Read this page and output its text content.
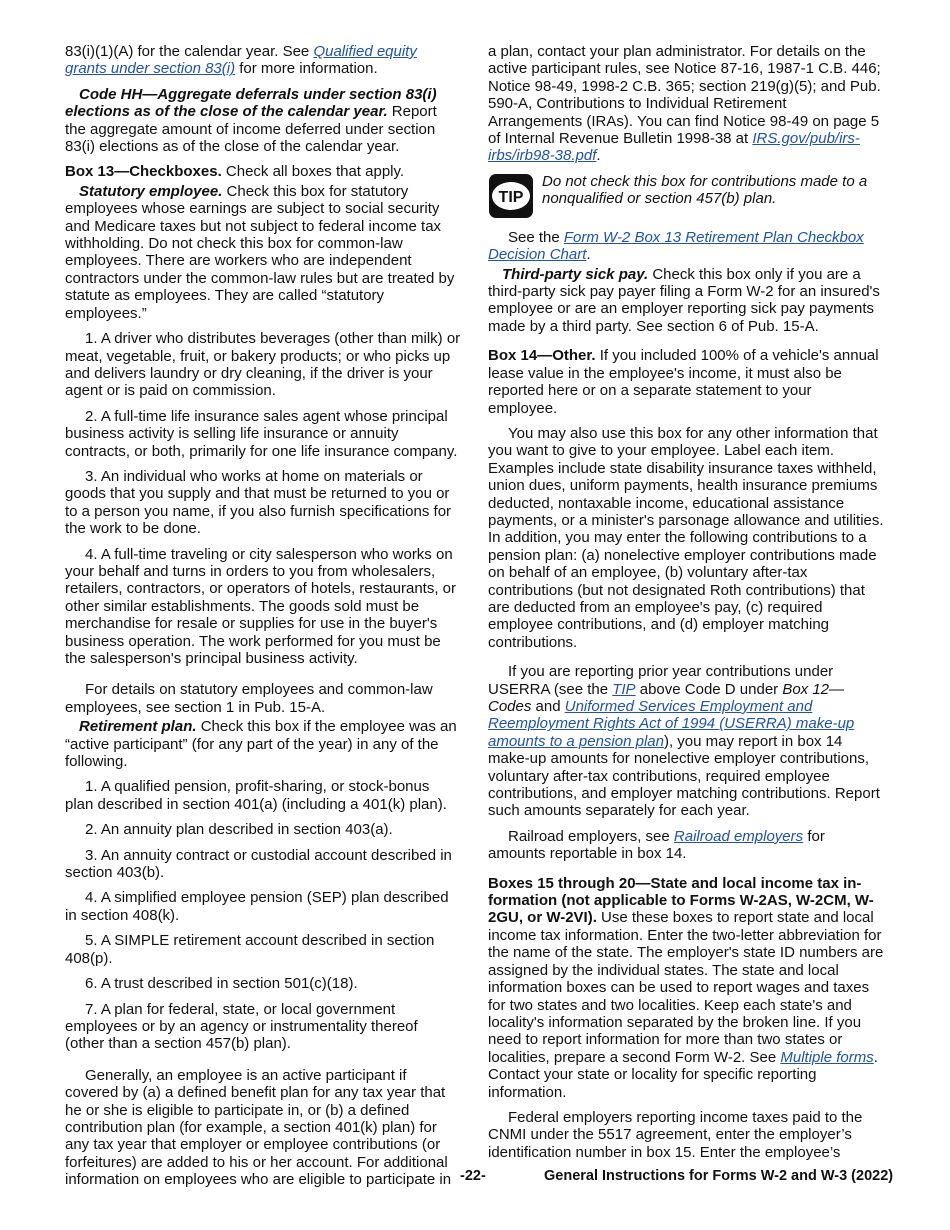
83(i)(1)(A) for the calendar year. See Qualified equity grants under section 83(i) for more information.

Code HH—Aggregate deferrals under section 83(i) elections as of the close of the calendar year. Report the aggregate amount of income deferred under section 83(i) elections as of the close of the calendar year.

Box 13—Checkboxes. Check all boxes that apply.

Statutory employee. Check this box for statutory employees whose earnings are subject to social security and Medicare taxes but not subject to federal income tax withholding. Do not check this box for common-law employees. There are workers who are independent contractors under the common-law rules but are treated by statute as employees. They are called “statutory employees.”

1. A driver who distributes beverages (other than milk) or meat, vegetable, fruit, or bakery products; or who picks up and delivers laundry or dry cleaning, if the driver is your agent or is paid on commission.

2. A full-time life insurance sales agent whose principal business activity is selling life insurance or annuity contracts, or both, primarily for one life insurance company.

3. An individual who works at home on materials or goods that you supply and that must be returned to you or to a person you name, if you also furnish specifications for the work to be done.

4. A full-time traveling or city salesperson who works on your behalf and turns in orders to you from wholesalers, retailers, contractors, or operators of hotels, restaurants, or other similar establishments. The goods sold must be merchandise for resale or supplies for use in the buyer's business operation. The work performed for you must be the salesperson's principal business activity.

For details on statutory employees and common-law employees, see section 1 in Pub. 15-A.

Retirement plan. Check this box if the employee was an “active participant” (for any part of the year) in any of the following.

1. A qualified pension, profit-sharing, or stock-bonus plan described in section 401(a) (including a 401(k) plan).

2. An annuity plan described in section 403(a).

3. An annuity contract or custodial account described in section 403(b).

4. A simplified employee pension (SEP) plan described in section 408(k).

5. A SIMPLE retirement account described in section 408(p).

6. A trust described in section 501(c)(18).

7. A plan for federal, state, or local government employees or by an agency or instrumentality thereof (other than a section 457(b) plan).

Generally, an employee is an active participant if covered by (a) a defined benefit plan for any tax year that he or she is eligible to participate in, or (b) a defined contribution plan (for example, a section 401(k) plan) for any tax year that employer or employee contributions (or forfeitures) are added to his or her account. For additional information on employees who are eligible to participate in

a plan, contact your plan administrator. For details on the active participant rules, see Notice 87-16, 1987-1 C.B. 446; Notice 98-49, 1998-2 C.B. 365; section 219(g)(5); and Pub. 590-A, Contributions to Individual Retirement Arrangements (IRAs). You can find Notice 98-49 on page 5 of Internal Revenue Bulletin 1998-38 at IRS.gov/pub/irs-irbs/irb98-38.pdf.

TIP
Do not check this box for contributions made to a nonqualified or section 457(b) plan.

See the Form W-2 Box 13 Retirement Plan Checkbox Decision Chart.

Third-party sick pay. Check this box only if you are a third-party sick pay payer filing a Form W-2 for an insured's employee or are an employer reporting sick pay payments made by a third party. See section 6 of Pub. 15-A.

Box 14—Other. If you included 100% of a vehicle's annual lease value in the employee's income, it must also be reported here or on a separate statement to your employee.

You may also use this box for any other information that you want to give to your employee. Label each item. Examples include state disability insurance taxes withheld, union dues, uniform payments, health insurance premiums deducted, nontaxable income, educational assistance payments, or a minister's parsonage allowance and utilities. In addition, you may enter the following contributions to a pension plan: (a) nonelective employer contributions made on behalf of an employee, (b) voluntary after-tax contributions (but not designated Roth contributions) that are deducted from an employee's pay, (c) required employee contributions, and (d) employer matching contributions.

If you are reporting prior year contributions under USERRA (see the TIP above Code D under Box 12—Codes and Uniformed Services Employment and Reemployment Rights Act of 1994 (USERRA) make-up amounts to a pension plan), you may report in box 14 make-up amounts for nonelective employer contributions, voluntary after-tax contributions, required employee contributions, and employer matching contributions. Report such amounts separately for each year.

Railroad employers, see Railroad employers for amounts reportable in box 14.

Boxes 15 through 20—State and local income tax in-formation (not applicable to Forms W-2AS, W-2CM, W-2GU, or W-2VI). Use these boxes to report state and local income tax information. Enter the two-letter abbreviation for the name of the state. The employer's state ID numbers are assigned by the individual states. The state and local information boxes can be used to report wages and taxes for two states and two localities. Keep each state's and locality's information separated by the broken line. If you need to report information for more than two states or localities, prepare a second Form W-2. See Multiple forms. Contact your state or locality for specific reporting information.

Federal employers reporting income taxes paid to the CNMI under the 5517 agreement, enter the employer’s identification number in box 15. Enter the employee’s

-22-	General Instructions for Forms W-2 and W-3 (2022)
